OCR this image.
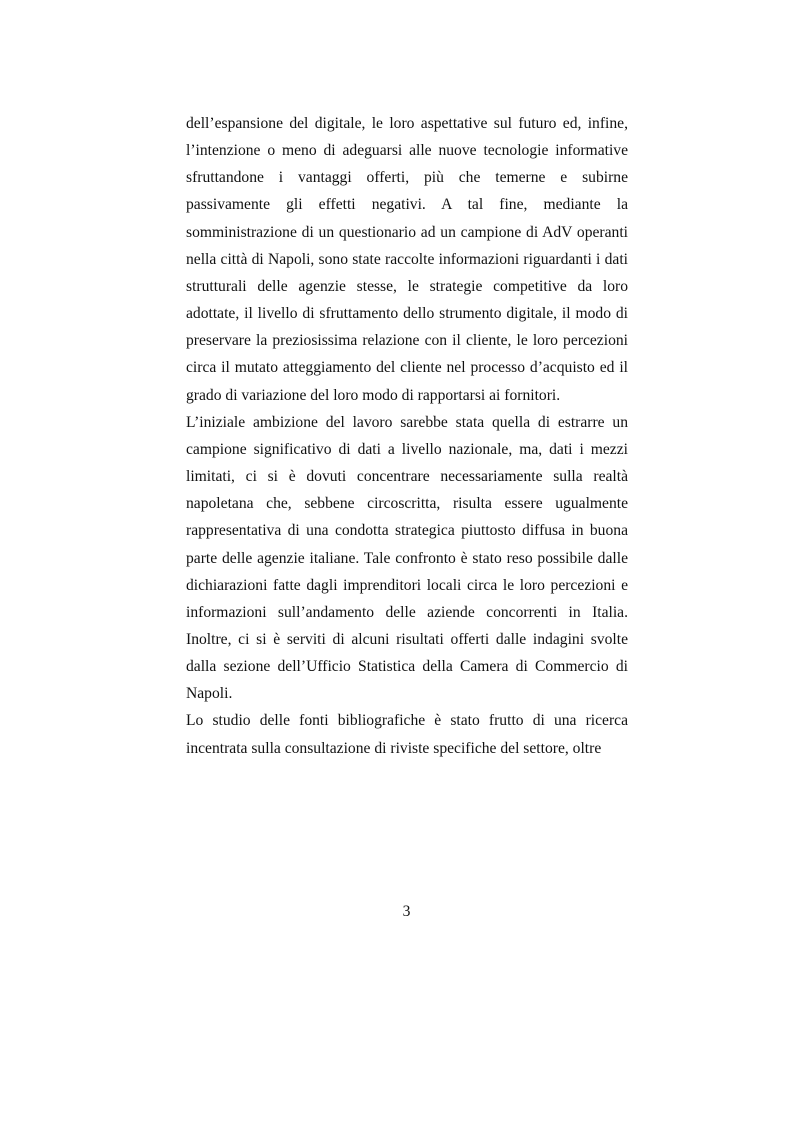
dell’espansione del digitale, le loro aspettative sul futuro ed, infine, l’intenzione o meno di adeguarsi alle nuove tecnologie informative sfruttandone i vantaggi offerti, più che temerne e subirne passivamente gli effetti negativi. A tal fine, mediante la somministrazione di un questionario ad un campione di AdV operanti nella città di Napoli, sono state raccolte informazioni riguardanti i dati strutturali delle agenzie stesse, le strategie competitive da loro adottate, il livello di sfruttamento dello strumento digitale, il modo di preservare la preziosissima relazione con il cliente, le loro percezioni circa il mutato atteggiamento del cliente nel processo d’acquisto ed il grado di variazione del loro modo di rapportarsi ai fornitori.

L’iniziale ambizione del lavoro sarebbe stata quella di estrarre un campione significativo di dati a livello nazionale, ma, dati i mezzi limitati, ci si è dovuti concentrare necessariamente sulla realtà napoletana che, sebbene circoscritta, risulta essere ugualmente rappresentativa di una condotta strategica piuttosto diffusa in buona parte delle agenzie italiane. Tale confronto è stato reso possibile dalle dichiarazioni fatte dagli imprenditori locali circa le loro percezioni e informazioni sull’andamento delle aziende concorrenti in Italia. Inoltre, ci si è serviti di alcuni risultati offerti dalle indagini svolte dalla sezione dell’Ufficio Statistica della Camera di Commercio di Napoli.

Lo studio delle fonti bibliografiche è stato frutto di una ricerca incentrata sulla consultazione di riviste specifiche del settore, oltre

3
